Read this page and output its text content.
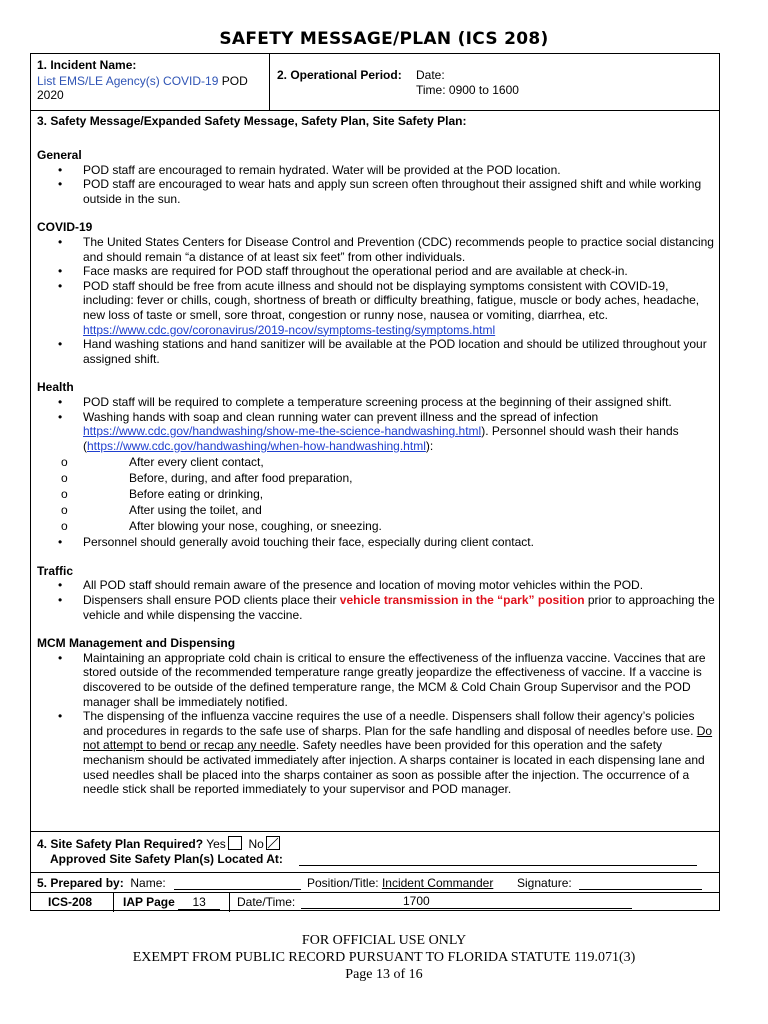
SAFETY MESSAGE/PLAN (ICS 208)
1. Incident Name:
List EMS/LE Agency(s) COVID-19 POD
2020
2. Operational Period: Date:
Time: 0900 to 1600
3. Safety Message/Expanded Safety Message, Safety Plan, Site Safety Plan:
General
• POD staff are encouraged to remain hydrated. Water will be provided at the POD location.
• POD staff are encouraged to wear hats and apply sun screen often throughout their assigned shift and while working outside in the sun.
COVID-19
• The United States Centers for Disease Control and Prevention (CDC) recommends people to practice social distancing and should remain “a distance of at least six feet” from other individuals.
• Face masks are required for POD staff throughout the operational period and are available at check-in.
• POD staff should be free from acute illness and should not be displaying symptoms consistent with COVID-19, including: fever or chills, cough, shortness of breath or difficulty breathing, fatigue, muscle or body aches, headache, new loss of taste or smell, sore throat, congestion or runny nose, nausea or vomiting, diarrhea, etc. https://www.cdc.gov/coronavirus/2019-ncov/symptoms-testing/symptoms.html
• Hand washing stations and hand sanitizer will be available at the POD location and should be utilized throughout your assigned shift.
Health
• POD staff will be required to complete a temperature screening process at the beginning of their assigned shift.
• Washing hands with soap and clean running water can prevent illness and the spread of infection https://www.cdc.gov/handwashing/show-me-the-science-handwashing.html). Personnel should wash their hands (https://www.cdc.gov/handwashing/when-how-handwashing.html):
o After every client contact,
o Before, during, and after food preparation,
o Before eating or drinking,
o After using the toilet, and
o After blowing your nose, coughing, or sneezing.
• Personnel should generally avoid touching their face, especially during client contact.
Traffic
• All POD staff should remain aware of the presence and location of moving motor vehicles within the POD.
• Dispensers shall ensure POD clients place their vehicle transmission in the “park” position prior to approaching the vehicle and while dispensing the vaccine.
MCM Management and Dispensing
• Maintaining an appropriate cold chain is critical to ensure the effectiveness of the influenza vaccine. Vaccines that are stored outside of the recommended temperature range greatly jeopardize the effectiveness of vaccine. If a vaccine is discovered to be outside of the defined temperature range, the MCM & Cold Chain Group Supervisor and the POD manager shall be immediately notified.
• The dispensing of the influenza vaccine requires the use of a needle. Dispensers shall follow their agency’s policies and procedures in regards to the safe use of sharps. Plan for the safe handling and disposal of needles before use. Do not attempt to bend or recap any needle. Safety needles have been provided for this operation and the safety mechanism should be activated immediately after injection. A sharps container is located in each dispensing lane and used needles shall be placed into the sharps container as soon as possible after the injection. The occurrence of a needle stick shall be reported immediately to your supervisor and POD manager.
4. Site Safety Plan Required? Yes No
Approved Site Safety Plan(s) Located At:
5. Prepared by: Name:	Position/Title: Incident Commander Signature:
ICS-208	IAP Page 13	Date/Time:	1700

FOR OFFICIAL USE ONLY
EXEMPT FROM PUBLIC RECORD PURSUANT TO FLORIDA STATUTE 119.071(3)
Page 13 of 16
